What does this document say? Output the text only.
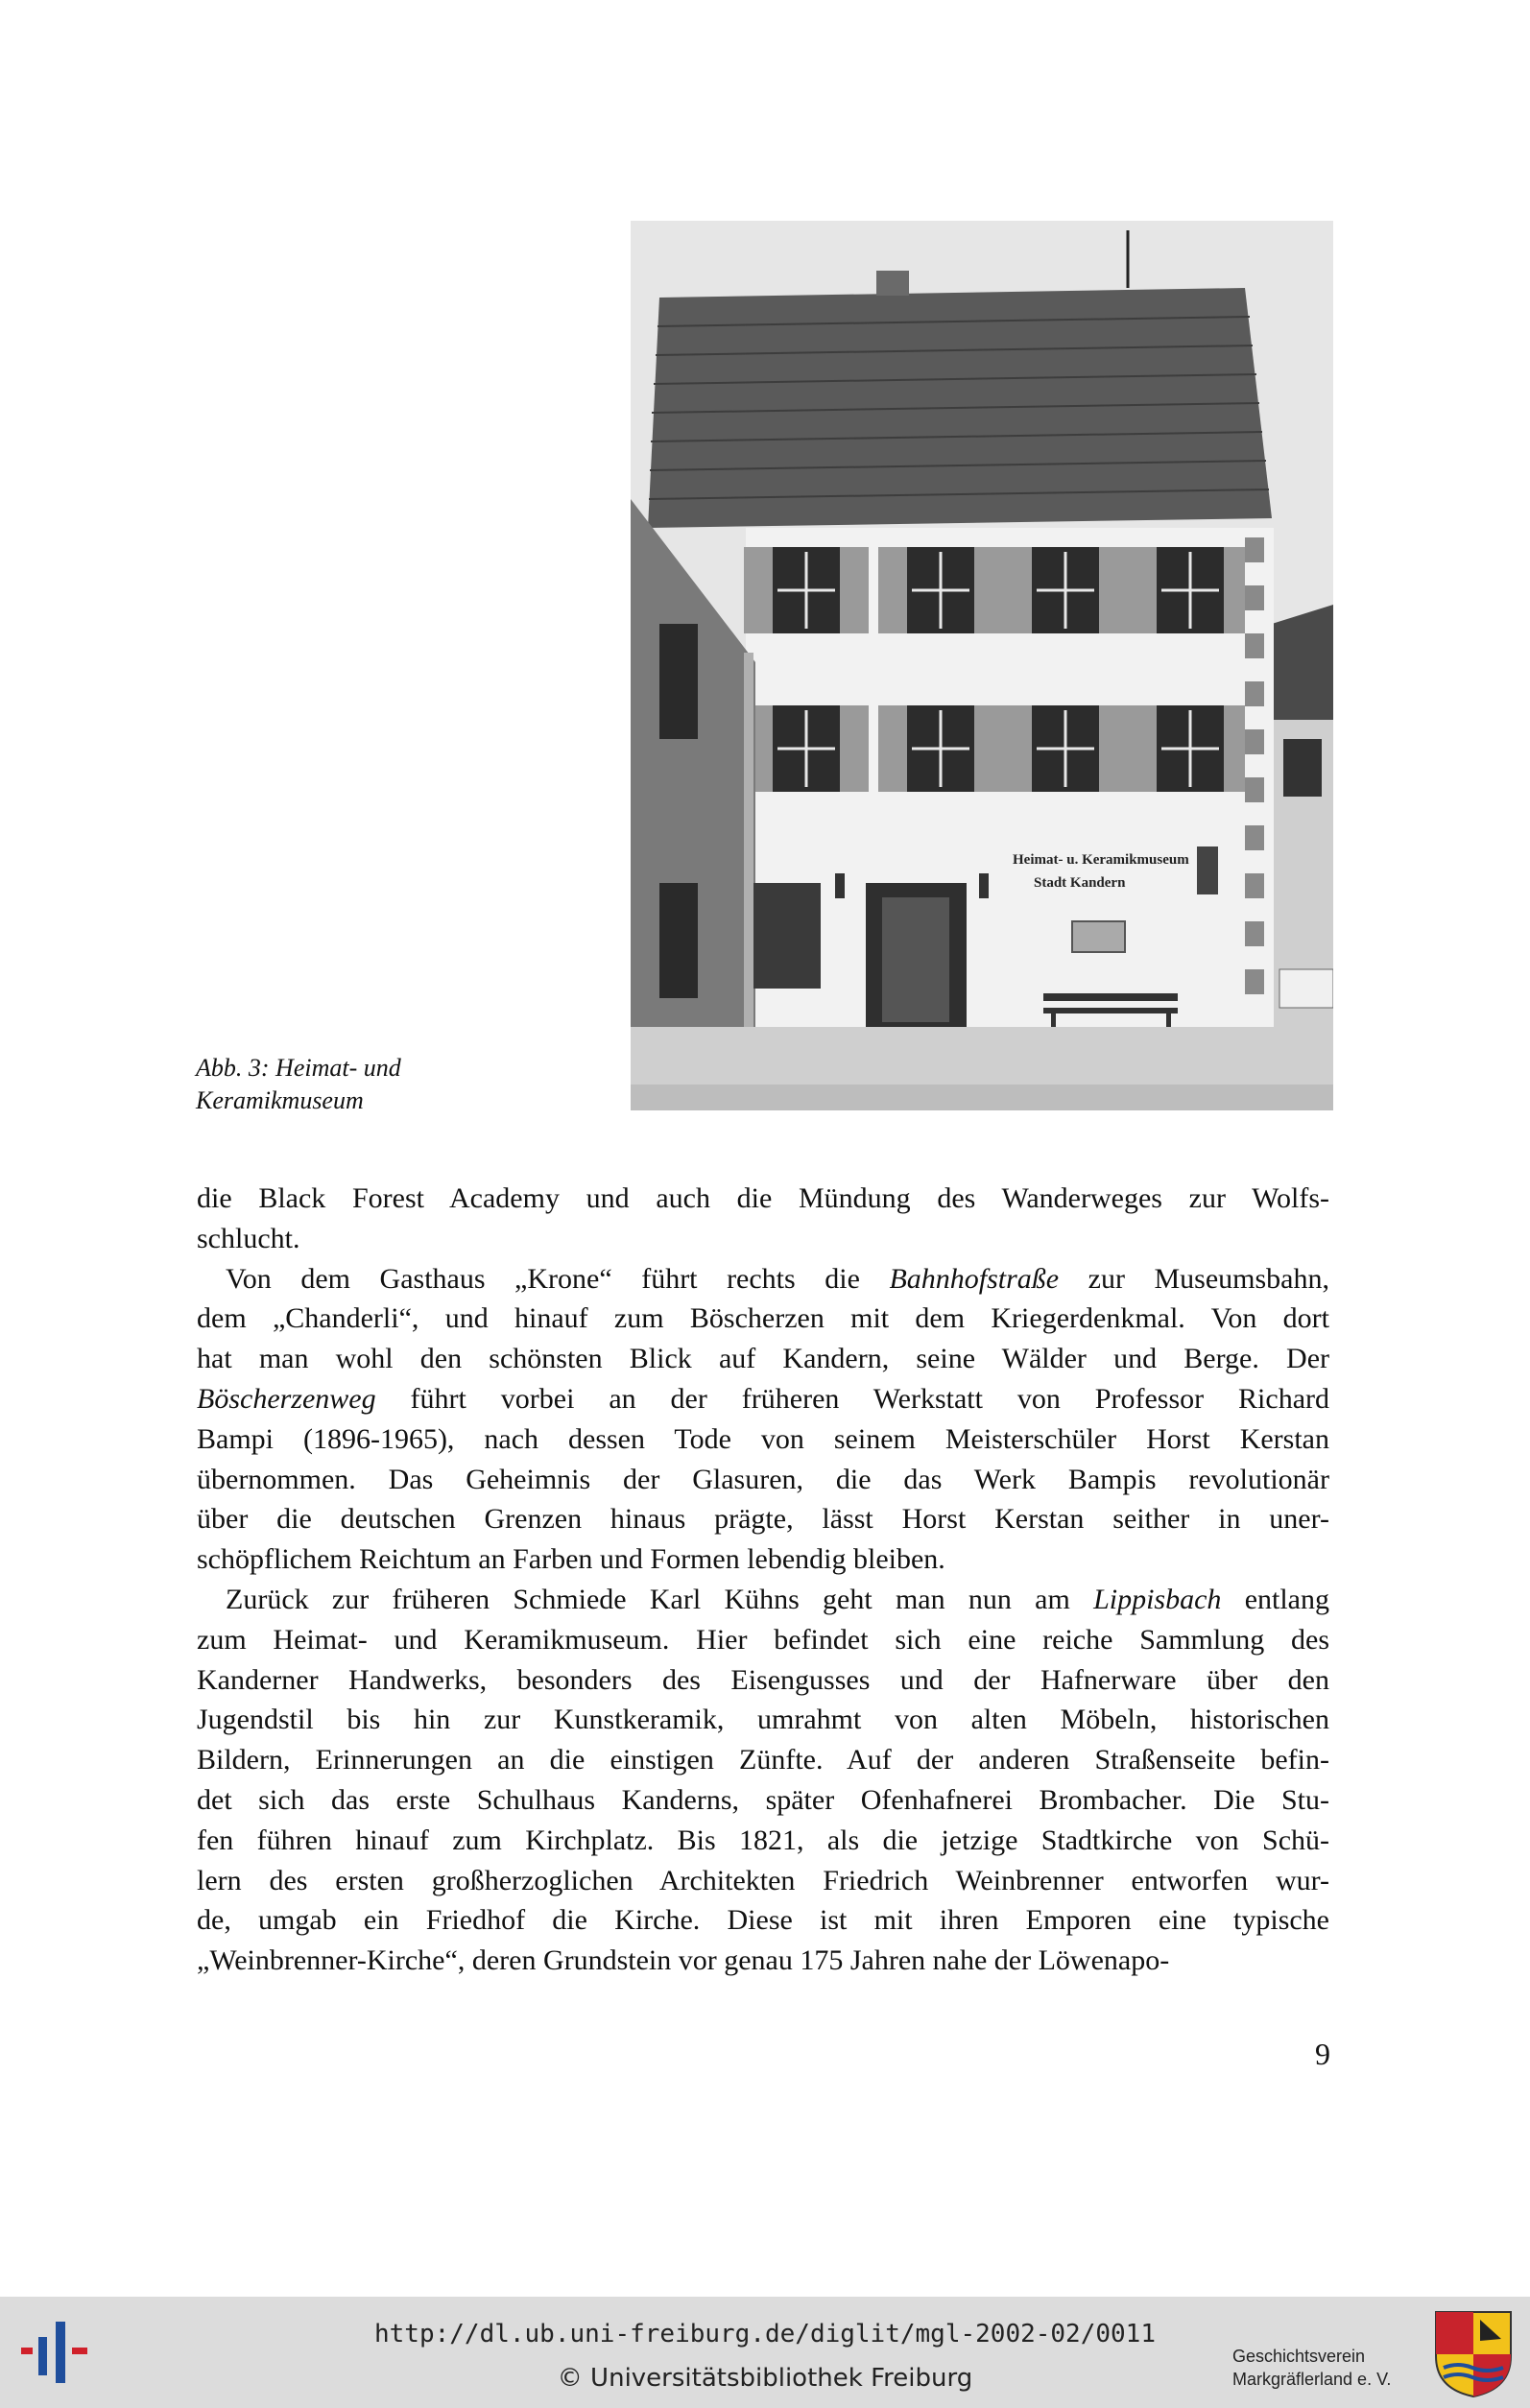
Heimat- u. Keramikmuseum
Stadt Kandern
Abb. 3: Heimat- und
Keramikmuseum

die Black Forest Academy und auch die Mündung des Wanderweges zur Wolfs-

schlucht.

Von dem Gasthaus „Krone“ führt rechts die Bahnhofstraße zur Museumsbahn,

dem „Chanderli“, und hinauf zum Böscherzen mit dem Kriegerdenkmal. Von dort

hat man wohl den schönsten Blick auf Kandern, seine Wälder und Berge. Der

Böscherzenweg führt vorbei an der früheren Werkstatt von Professor Richard

Bampi (1896-1965), nach dessen Tode von seinem Meisterschüler Horst Kerstan

übernommen. Das Geheimnis der Glasuren, die das Werk Bampis revolutionär

über die deutschen Grenzen hinaus prägte, lässt Horst Kerstan seither in uner-

schöpflichem Reichtum an Farben und Formen lebendig bleiben.

Zurück zur früheren Schmiede Karl Kühns geht man nun am Lippisbach entlang

zum Heimat- und Keramikmuseum. Hier befindet sich eine reiche Sammlung des

Kanderner Handwerks, besonders des Eisengusses und der Hafnerware über den

Jugendstil bis hin zur Kunstkeramik, umrahmt von alten Möbeln, historischen

Bildern, Erinnerungen an die einstigen Zünfte. Auf der anderen Straßenseite befin-

det sich das erste Schulhaus Kanderns, später Ofenhafnerei Brombacher. Die Stu-

fen führen hinauf zum Kirchplatz. Bis 1821, als die jetzige Stadtkirche von Schü-

lern des ersten großherzoglichen Architekten Friedrich Weinbrenner entworfen wur-

de, umgab ein Friedhof die Kirche. Diese ist mit ihren Emporen eine typische

„Weinbrenner-Kirche“, deren Grundstein vor genau 175 Jahren nahe der Löwenapo-

9
http://dl.ub.uni-freiburg.de/diglit/mgl-2002-02/0011
© Universitätsbibliothek Freiburg
Geschichtsverein
Markgräflerland e. V.
